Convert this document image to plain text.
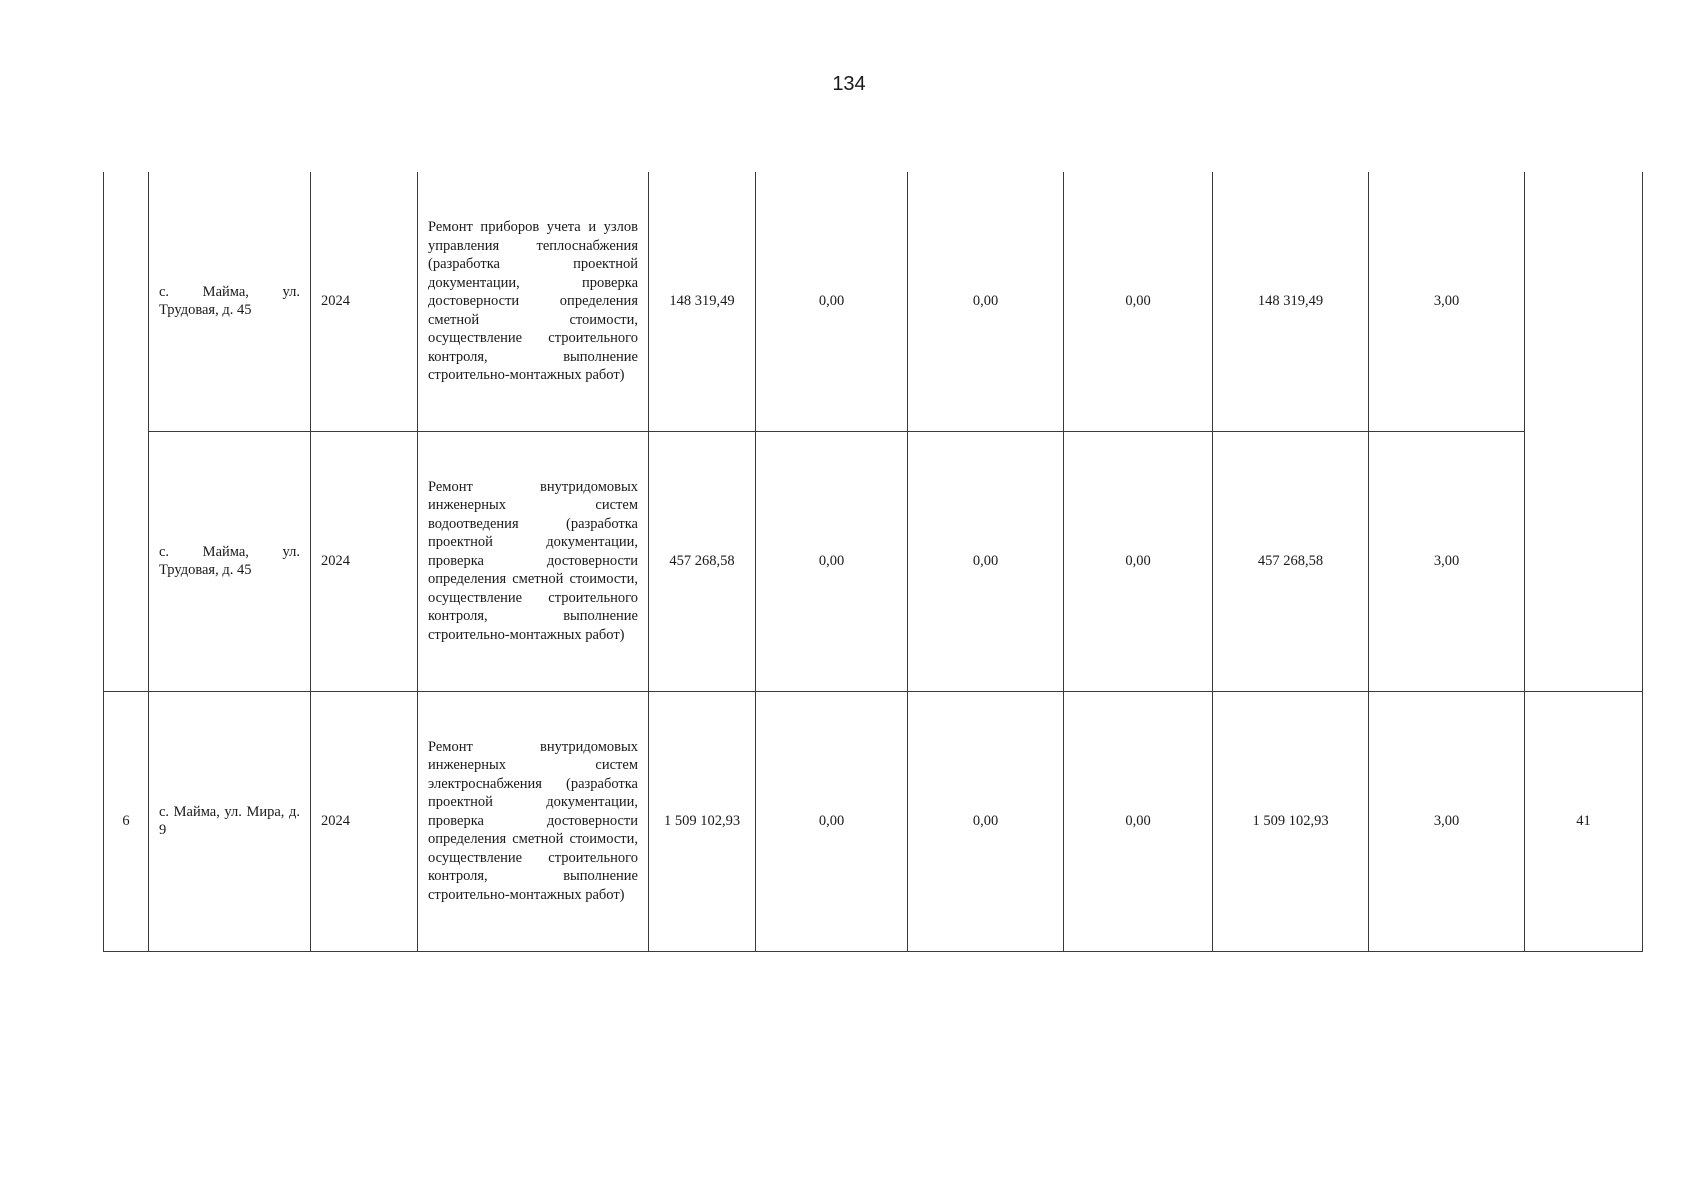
134
	с. Майма, ул. Трудовая, д. 45	2024	Ремонт приборов учета и узлов управления теплоснабжения (разработка проектной документации, проверка достоверности определения сметной стоимости, осуществление строительного контроля, выполнение строительно-монтажных работ)	148 319,49	0,00	0,00	0,00	148 319,49	3,00	
	с. Майма, ул. Трудовая, д. 45	2024	Ремонт внутридомовых инженерных систем водоотведения (разработка проектной документации, проверка достоверности определения сметной стоимости, осуществление строительного контроля, выполнение строительно-монтажных работ)	457 268,58	0,00	0,00	0,00	457 268,58	3,00	
6	с. Майма, ул. Мира, д. 9	2024	Ремонт внутридомовых инженерных систем электроснабжения (разработка проектной документации, проверка достоверности определения сметной стоимости, осуществление строительного контроля, выполнение строительно-монтажных работ)	1 509 102,93	0,00	0,00	0,00	1 509 102,93	3,00	41
